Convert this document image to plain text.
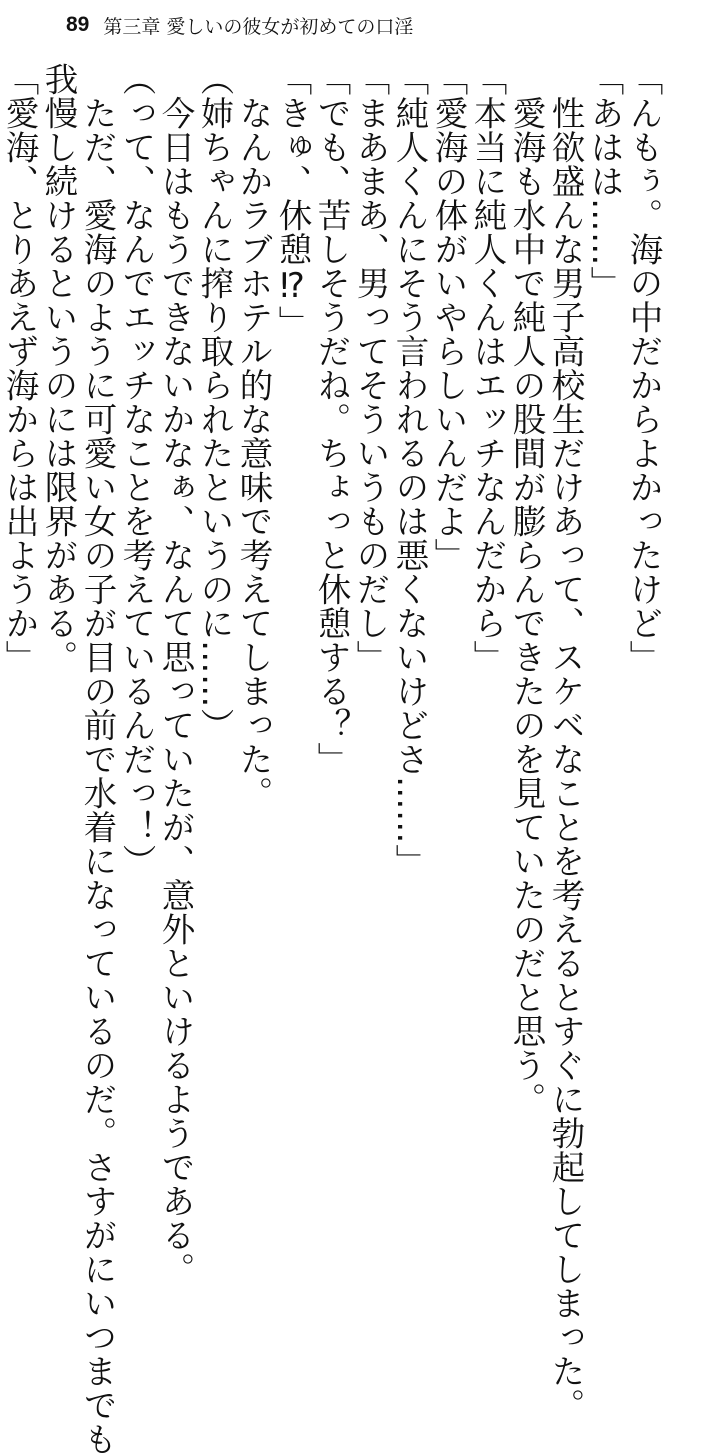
89 第三章 愛しいの彼女が初めての口淫
「んもぅ。海の中だからよかったけど」
「あはは……」
　性欲盛んな男子高校生だけあって、スケベなことを考えるとすぐに勃起してしまった。
　愛海も水中で純人の股間が膨らんできたのを見ていたのだと思う。
「本当に純人くんはエッチなんだから」
「愛海の体がいやらしいんだよ」
「純人くんにそう言われるのは悪くないけどさ……」
「まあまあ、男ってそういうものだし」
「でも、苦しそうだね。ちょっと休憩する？」
「きゅ、休憩⁉」
　なんかラブホテル的な意味で考えてしまった。
（姉ちゃんに搾り取られたというのに……）
　今日はもうできないかなぁ、なんて思っていたが、意外といけるようである。
（って、なんでエッチなことを考えているんだっ！）
　ただ、愛海のように可愛い女の子が目の前で水着になっているのだ。さすがにいつまでも
我慢し続けるというのには限界がある。
「愛海、とりあえず海からは出ようか」
